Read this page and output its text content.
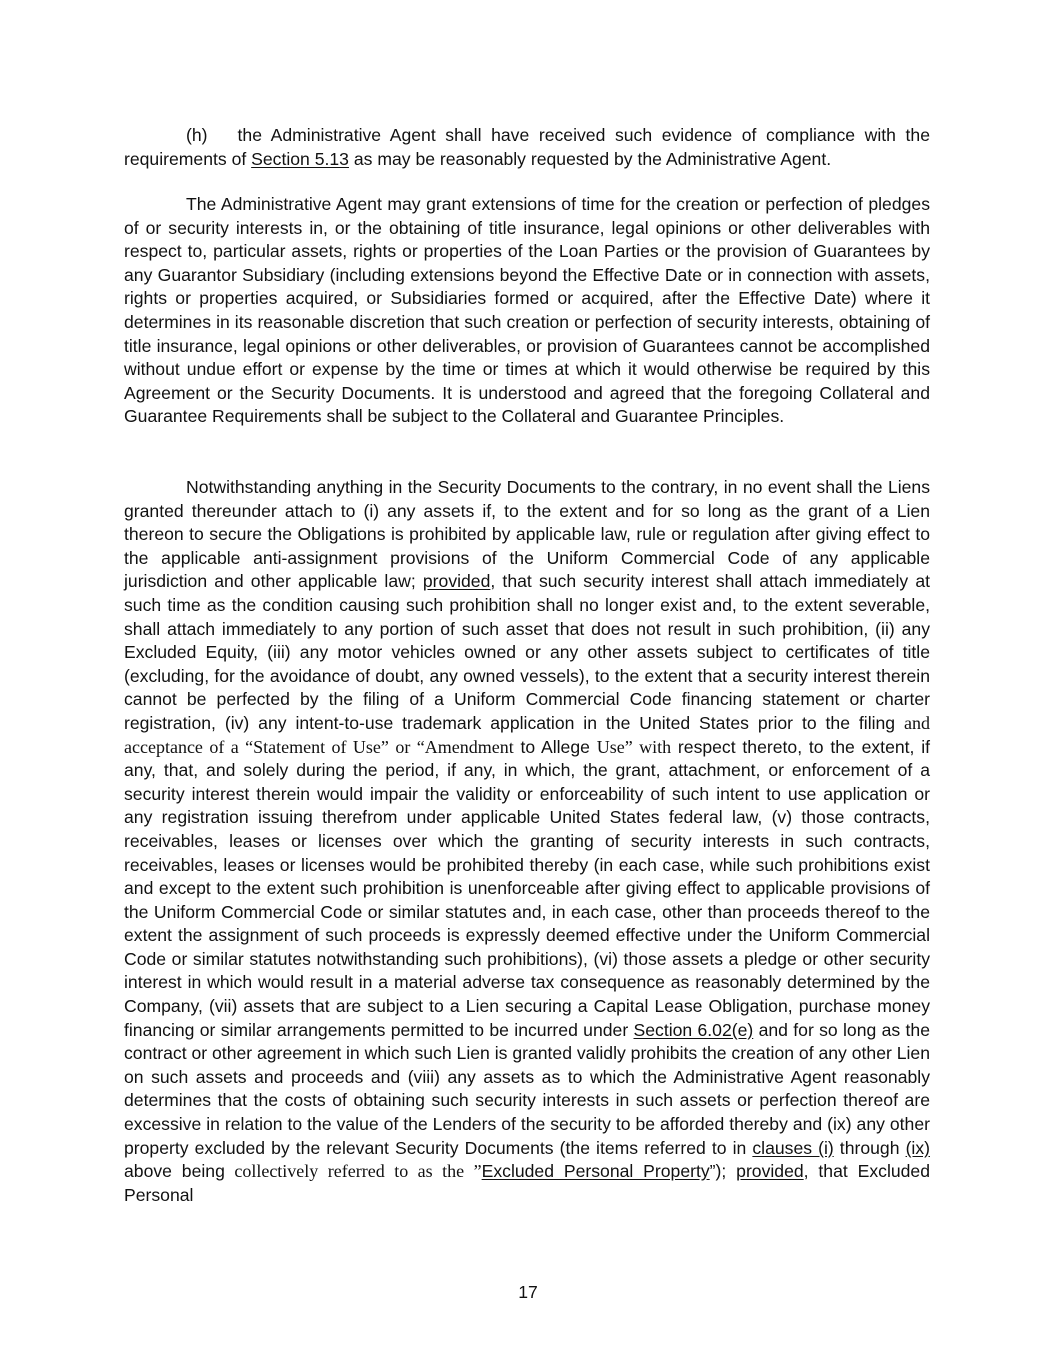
(h) the Administrative Agent shall have received such evidence of compliance with the requirements of Section 5.13 as may be reasonably requested by the Administrative Agent.

The Administrative Agent may grant extensions of time for the creation or perfection of pledges of or security interests in, or the obtaining of title insurance, legal opinions or other deliverables with respect to, particular assets, rights or properties of the Loan Parties or the provision of Guarantees by any Guarantor Subsidiary (including extensions beyond the Effective Date or in connection with assets, rights or properties acquired, or Subsidiaries formed or acquired, after the Effective Date) where it determines in its reasonable discretion that such creation or perfection of security interests, obtaining of title insurance, legal opinions or other deliverables, or provision of Guarantees cannot be accomplished without undue effort or expense by the time or times at which it would otherwise be required by this Agreement or the Security Documents. It is understood and agreed that the foregoing Collateral and Guarantee Requirements shall be subject to the Collateral and Guarantee Principles.

Notwithstanding anything in the Security Documents to the contrary, in no event shall the Liens granted thereunder attach to (i) any assets if, to the extent and for so long as the grant of a Lien thereon to secure the Obligations is prohibited by applicable law, rule or regulation after giving effect to the applicable anti-assignment provisions of the Uniform Commercial Code of any applicable jurisdiction and other applicable law; provided, that such security interest shall attach immediately at such time as the condition causing such prohibition shall no longer exist and, to the extent severable, shall attach immediately to any portion of such asset that does not result in such prohibition, (ii) any Excluded Equity, (iii) any motor vehicles owned or any other assets subject to certificates of title (excluding, for the avoidance of doubt, any owned vessels), to the extent that a security interest therein cannot be perfected by the filing of a Uniform Commercial Code financing statement or charter registration, (iv) any intent-to-use trademark application in the United States prior to the filing and acceptance of a “Statement of Use” or “Amendment to Allege Use” with respect thereto, to the extent, if any, that, and solely during the period, if any, in which, the grant, attachment, or enforcement of a security interest therein would impair the validity or enforceability of such intent to use application or any registration issuing therefrom under applicable United States federal law, (v) those contracts, receivables, leases or licenses over which the granting of security interests in such contracts, receivables, leases or licenses would be prohibited thereby (in each case, while such prohibitions exist and except to the extent such prohibition is unenforceable after giving effect to applicable provisions of the Uniform Commercial Code or similar statutes and, in each case, other than proceeds thereof to the extent the assignment of such proceeds is expressly deemed effective under the Uniform Commercial Code or similar statutes notwithstanding such prohibitions), (vi) those assets a pledge or other security interest in which would result in a material adverse tax consequence as reasonably determined by the Company, (vii) assets that are subject to a Lien securing a Capital Lease Obligation, purchase money financing or similar arrangements permitted to be incurred under Section 6.02(e) and for so long as the contract or other agreement in which such Lien is granted validly prohibits the creation of any other Lien on such assets and proceeds and (viii) any assets as to which the Administrative Agent reasonably determines that the costs of obtaining such security interests in such assets or perfection thereof are excessive in relation to the value of the Lenders of the security to be afforded thereby and (ix) any other property excluded by the relevant Security Documents (the items referred to in clauses (i) through (ix) above being collectively referred to as the ”Excluded Personal Property”); provided, that Excluded Personal

17
